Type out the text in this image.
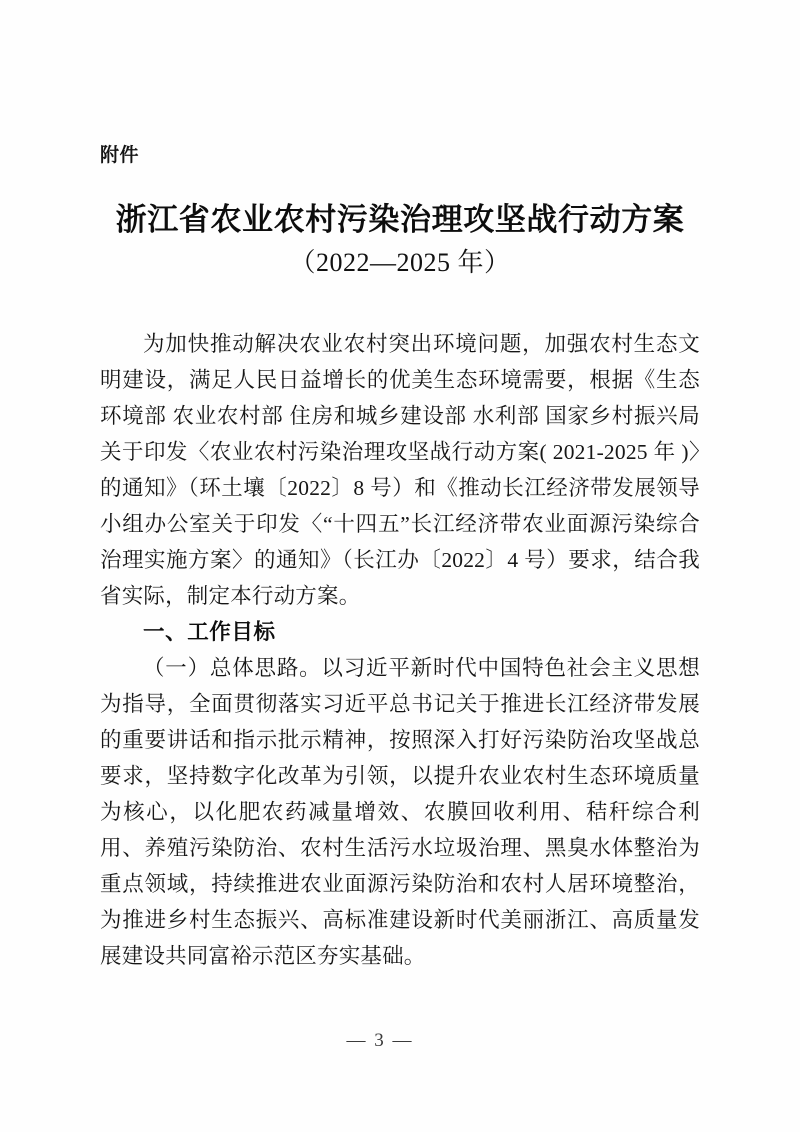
附件
浙江省农业农村污染治理攻坚战行动方案
（2022—2025 年）

为加快推动解决农业农村突出环境问题，加强农村生态文明建设，满足人民日益增长的优美生态环境需要，根据《生态环境部 农业农村部 住房和城乡建设部 水利部 国家乡村振兴局关于印发〈农业农村污染治理攻坚战行动方案( 2021-2025 年 )〉的通知》（环土壤〔2022〕8 号）和《推动长江经济带发展领导小组办公室关于印发〈“十四五”长江经济带农业面源污染综合治理实施方案〉的通知》（长江办〔2022〕4 号）要求，结合我省实际，制定本行动方案。

一、工作目标

（一）总体思路。以习近平新时代中国特色社会主义思想为指导，全面贯彻落实习近平总书记关于推进长江经济带发展的重要讲话和指示批示精神，按照深入打好污染防治攻坚战总要求，坚持数字化改革为引领，以提升农业农村生态环境质量为核心，以化肥农药减量增效、农膜回收利用、秸秆综合利用、养殖污染防治、农村生活污水垃圾治理、黑臭水体整治为重点领域，持续推进农业面源污染防治和农村人居环境整治，为推进乡村生态振兴、高标准建设新时代美丽浙江、高质量发展建设共同富裕示范区夯实基础。

— 3 —
